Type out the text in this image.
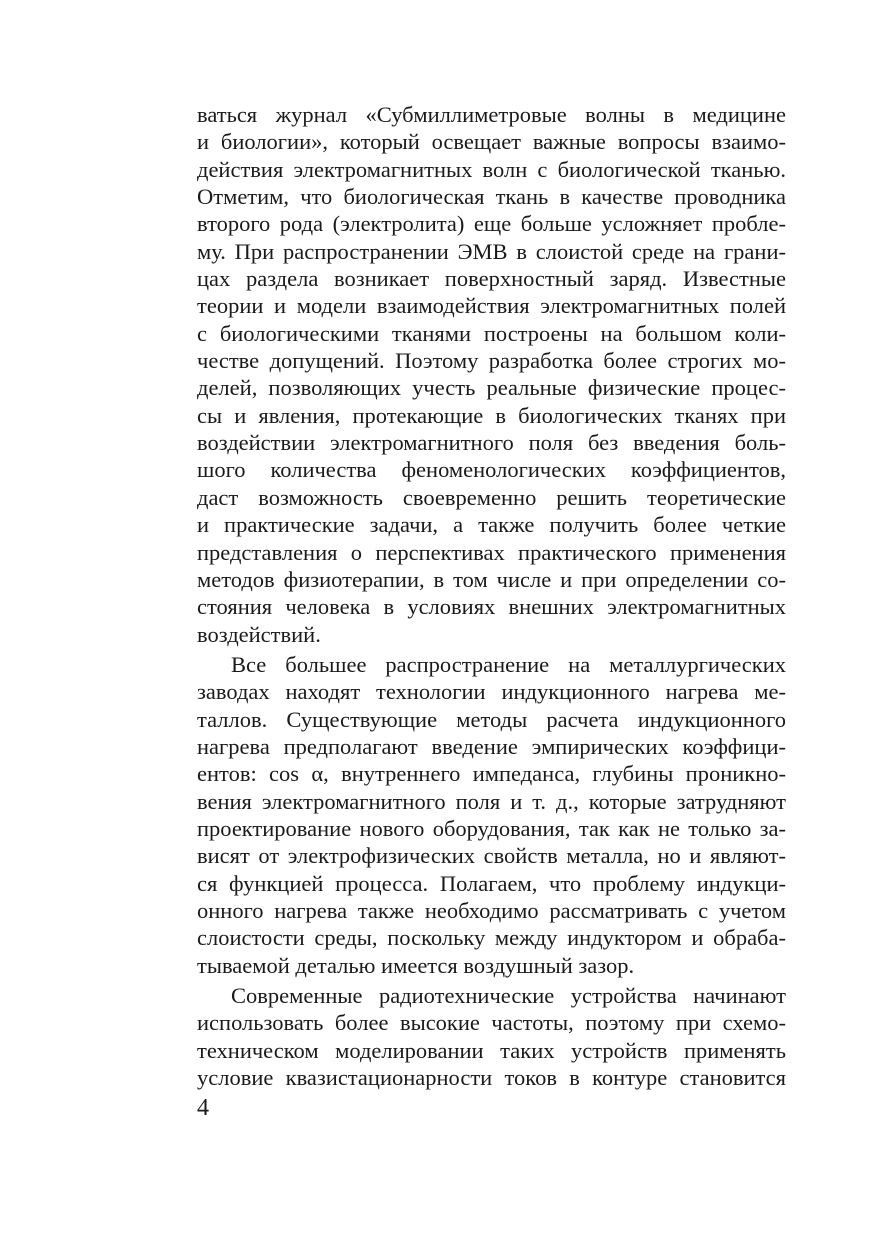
ваться журнал «Субмиллиметровые волны в медицине
и биологии», который освещает важные вопросы взаимо-
действия электромагнитных волн с биологической тканью.
Отметим, что биологическая ткань в качестве проводника
второго рода (электролита) еще больше усложняет пробле-
му. При распространении ЭМВ в слоистой среде на грани-
цах раздела возникает поверхностный заряд. Известные
теории и модели взаимодействия электромагнитных полей
с биологическими тканями построены на большом коли-
честве допущений. Поэтому разработка более строгих мо-
делей, позволяющих учесть реальные физические процес-
сы и явления, протекающие в биологических тканях при
воздействии электромагнитного поля без введения боль-
шого количества феноменологических коэффициентов,
даст возможность своевременно решить теоретические
и практические задачи, а также получить более четкие
представления о перспективах практического применения
методов физиотерапии, в том числе и при определении со-
стояния человека в условиях внешних электромагнитных
воздействий.
Все большее распространение на металлургических
заводах находят технологии индукционного нагрева ме-
таллов. Существующие методы расчета индукционного
нагрева предполагают введение эмпирических коэффици-
ентов: cos α, внутреннего импеданса, глубины проникно-
вения электромагнитного поля и т. д., которые затрудняют
проектирование нового оборудования, так как не только за-
висят от электрофизических свойств металла, но и являют-
ся функцией процесса. Полагаем, что проблему индукци-
онного нагрева также необходимо рассматривать с учетом
слоистости среды, поскольку между индуктором и обраба-
тываемой деталью имеется воздушный зазор.
Современные радиотехнические устройства начинают
использовать более высокие частоты, поэтому при схемо-
техническом моделировании таких устройств применять
условие квазистационарности токов в контуре становится
4
